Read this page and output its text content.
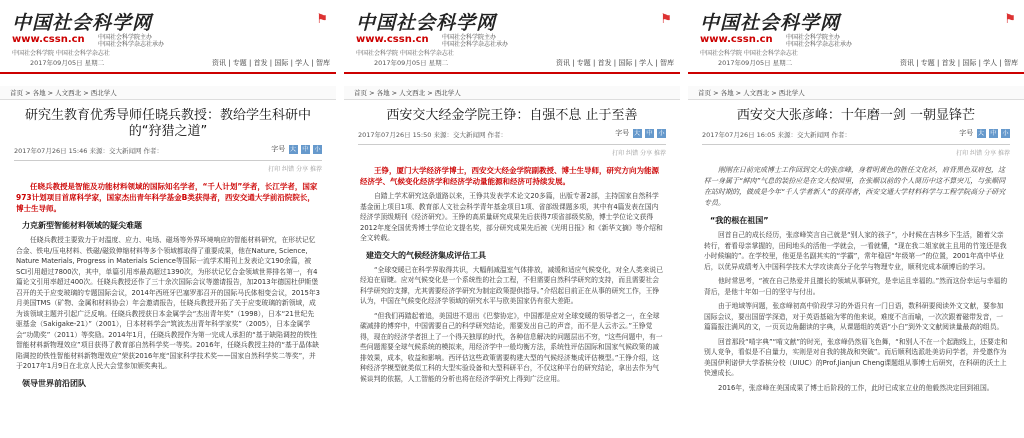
中国社会科学网
www.cssn.cn 中国社会科学院主办
中国社会科学杂志社承办
中国社会科学院 中国社会科学杂志社
2017年09月05日 星期二	资讯 | 专题 | 首发 | 国际 | 学人 | 智库
⚑
首页 > 各地 > 人文西北 > 西北学人
研究生教育优秀导师任晓兵教授：教给学生科研中的“狩猎之道”
2017年07月26日 15:46 来源：交大新闻网 作者：	字号 大 中 小
打印 纠错 分享 推荐
任晓兵教授是智能及功能材料领域的国际知名学者，“千人计划”学者，长江学者，国家973计划项目首席科学家，国家杰出青年科学基金B类获得者，西安交通大学前沿院院长，博士生导师。
力克新型智能材料领域的疑尖难题
任晓兵教授主要致力于对温度、应力、电场、磁场等外界环境响应的智能材料研究，在形状记忆合金、铁电/压电材料、铁磁/磁致伸缩材料等多个领域都取得了重要成果，他在Nature, Science, Nature Materials, Progress in Materials Science等国际一流学术期刊上发表论文190余篇，被SCI引用超过7800次，其中，单篇引用率最高超过1390次，为形状记忆合金领域世界排名第一，有4篇论文引用率超过400次。任晓兵教授还作了三十余次国际会议等邀请报告，加2013年德国杜伊斯堡召开的关于应变玻璃的专题国际会议，2014年西班牙巴塞罗那召开的国际马氏体相变会议，2015年3月美国TMS（矿物、金属和材料协会）年会邀请报告，任晓兵教授开拓了关于应变玻璃的新领域，成为该领域主题并引起广泛反响。任晓兵教授获日本金属学会“杰出青年奖”（1998），日本“21世纪先驱基金（Sakigake-21）”（2001），日本材料学会“筑波杰出青年科学家奖”（2005），日本金属学会“功勋奖”（2011）等奖励。2014年1月，任晓兵教授作为第一完成人承担的“基于缺陷调控的铁性智能材料新物理效应”项目获得了教育部自然科学奖一等奖。2016年，任晓兵教授主持的“基于晶体缺陷调控的铁性智能材料新物理效应”荣获2016年度“国家科学技术奖——国家自然科学奖二等奖”，并于2017年1月9日在北京人民大会堂参加颁奖典礼。
领导世界前沿团队
中国社会科学网
www.cssn.cn 中国社会科学院主办
中国社会科学杂志社承办
中国社会科学院 中国社会科学杂志社
2017年09月05日 星期二	资讯 | 专题 | 首发 | 国际 | 学人 | 智库
⚑
首页 > 各地 > 人文西北 > 西北学人
西安交大经金学院王铮：自强不息 止于至善
2017年07月26日 15:50 来源：交大新闻网 作者：	字号 大 中 小
打印 纠错 分享 推荐
王铮，厦门大学经济学博士，西安交大经金学院副教授、博士生导师，研究方向为能源经济学、气候变化经济学和经济学动量能源和经济可持续发展。
自踏上学术研究这条道路以来，王铮共发表学术论文20多篇，出版专著2部，主持国家自然科学基金面上项目1项、教育部人文社会科学青年基金项目1项、省部级课题多项，其中有4篇发表在国内经济学顶级期刊《经济研究》。王铮的高质量研究成果先后获得7项省部级奖励，博士学位论文获得2012年度全国优秀博士学位论文提名奖，部分研究成果先后被《光明日报》和《新华文摘》等介绍和全文转载。
建造交大的气候经济集成评估工具
“全球变暖已在科学界取得共识，大幅削减温室气体排放，减缓和适应气候变化，对全人类来说已经迫在眉睫。应对气候变化是一个系统性的社会工程，不但需要自然科学研究的支持，而且需要社会科学研究的支撑，尤其需要经济学研究为制定政策提供指导。”介绍起目前正在从事的研究工作，王铮认为，中国在气候变化经济学领域的研究水平与欧美国家仍有很大差距。
“但我们再踏起着追，美国进不退出《巴黎协定》，中国都是应对全球变暖的领导者之一，在全球碳减排的博弈中，中国需要自己的科学研究结论，需要发出自己的声音，而不是人云亦云。”王铮觉得，现在的经济学者担上了一个得天独厚的时代，各种信息解决的问题层出不穷，“这些问题中，有一些问题需要全球气候系统的模拟来，用经济学中一般均衡方法，系统性评估国际和国家气候政策的减排效果，成本，收益和影响。西评估这些政策需要构建大型的气候经济集成评估模型。”王铮介绍，这种经济学模型就类似工科的大型实验设备和大型科研平台，不仅这种平台的研究结论，拿出去作为气候谈判的依据，人工智能的分析也将在经济学研究上得到广泛应用。
中国社会科学网
www.cssn.cn 中国社会科学院主办
中国社会科学杂志社承办
中国社会科学院 中国社会科学杂志社
2017年09月05日 星期二	资讯 | 专题 | 首发 | 国际 | 学人 | 智库
⚑
首页 > 各地 > 人文西北 > 西北学人
西安交大张彦峰：十年磨一剑 一朝显锋芒
2017年07月26日 16:05 来源：交大新闻网 作者：	字号 大 中 小
打印 纠错 分享 推荐
刚刚在日前完成博士工作回到交大的张彦峰，身着明黄色的胜任文化衫，肩背黑色双肩包，这样一身属于“鲜肉”气息的装扮应是在交大校园里，在张顺以前的个人简历中这不算突兀，与张顺同在站时期的，做成是今年“千人学者新人”的获得者，西安交通大学材料科学与工程学院高分子研究专员。
“我的根在祖国”
回首自己的成长经历，张彦峰笑言自己就是“别人家的孩子”，小时候在吉林乡下生活，随着父亲转行，着看母亲掌握的，田间地头的活他一学就会，一看就懂，“现在我二姐家就主且用的竹笼还是我小时候编的”。在学校里，他更是名副其实的“学霸”，常年稳居“年级第一”的位置，2001年高中毕业后，以优异成绩考入中国科学技术大学攻读高分子化学与物理专业，顺利完成本硕博后的学习。
他时常思考，“被在自己热爱并且擅长的领域从事研究，是幸运且幸福的。”然而这份幸运与幸福的背后，是他十年如一日的坚守与付出。
由于地域等问题，张彦峰初高中阶段学习的外语只有一门日语，数科研要阅读外文文献，要参加国际会议，要出国留学深造，对于英语基础为零的他来说，难度不言而喻，一次次跟着磁带发音，一篇篇报注满风的文，一页页边角翻读的字典，从课题组的英语“小白”到外文文献阅读量最高的组员。
回首那段“啃字典”“啃文献”的时光，张彦峰仍然眉飞色舞，“和别人不在一个起跑线上，还要走和别人竞争，看似是不自量力，实则是对自我的挑战和突破”。而后顺利选派赴美访问学者，并受邀作为美国伊利诺伊大学香槟分校（UIUC）的Prof.Jianjun Cheng课题组从事博士后研究，在科研的沃土上快速成长。
2016年，张彦峰在美国成果了博士后阶段的工作，此时已成家立业的他毅然决定回到祖国。
